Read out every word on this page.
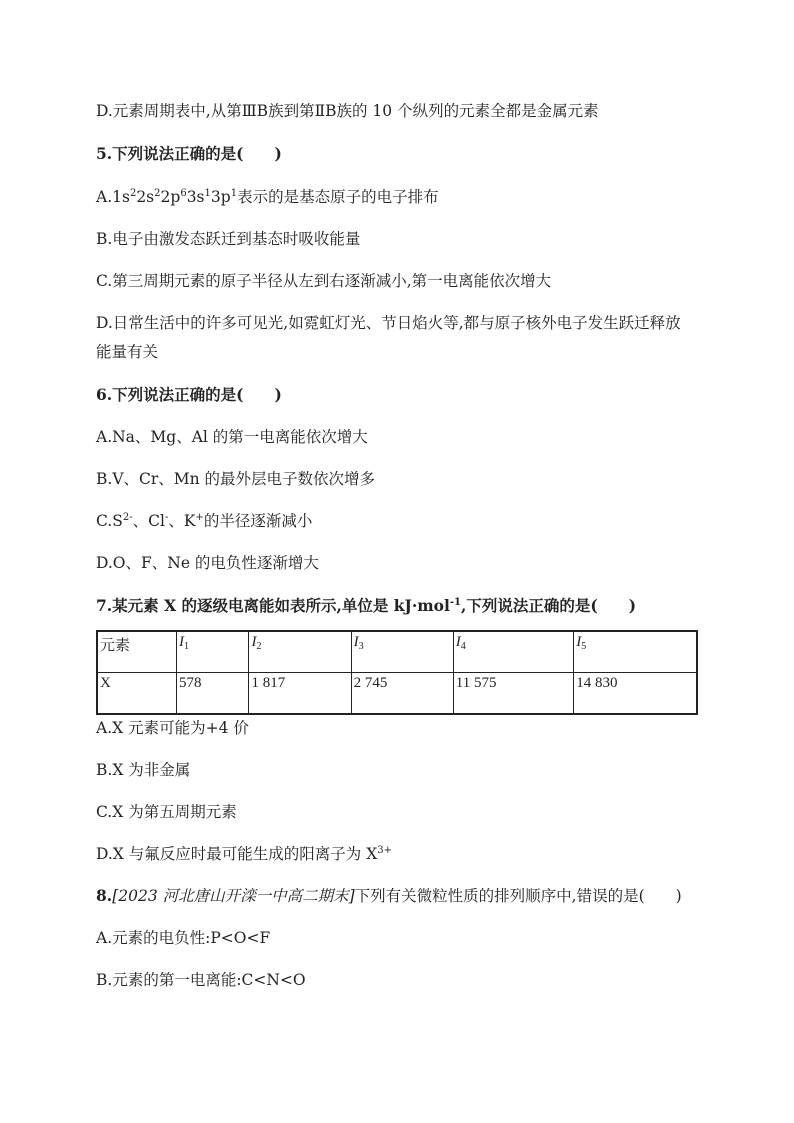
D.元素周期表中,从第ⅢB族到第ⅡB族的 10 个纵列的元素全都是金属元素
5.下列说法正确的是(　　)
$A.1s^22s^22p^63s^13p^1$表示的是基态原子的电子排布
B.电子由激发态跃迁到基态时吸收能量
C.第三周期元素的原子半径从左到右逐渐减小,第一电离能依次增大
D.日常生活中的许多可见光,如霓虹灯光、节日焰火等,都与原子核外电子发生跃迁释放
能量有关
6.下列说法正确的是(　　)
A.Na、Mg、Al 的第一电离能依次增大
B.V、Cr、Mn 的最外层电子数依次增多
$C.S^{2-}$、Cl-、K+的半径逐渐减小
D.O、F、Ne 的电负性逐渐增大
7.某元素 X 的逐级电离能如表所示,单位是 kJ·mol$^{-1}$,下列说法正确的是(　　)
元素	$I_1$	$I_2$	$I_3$	$I_4$	$I_5$
X	578	1 817	2 745	11 575	14 830
A.X 元素可能为+4 价
B.X 为非金属
C.X 为第五周期元素
D.X 与氟反应时最可能生成的阳离子为 $X^{3+}$
8.[2023 河北唐山开滦一中高二期末]下列有关微粒性质的排列顺序中,错误的是(　　)
A.元素的电负性:P<O<F
B.元素的第一电离能:C<N<O
